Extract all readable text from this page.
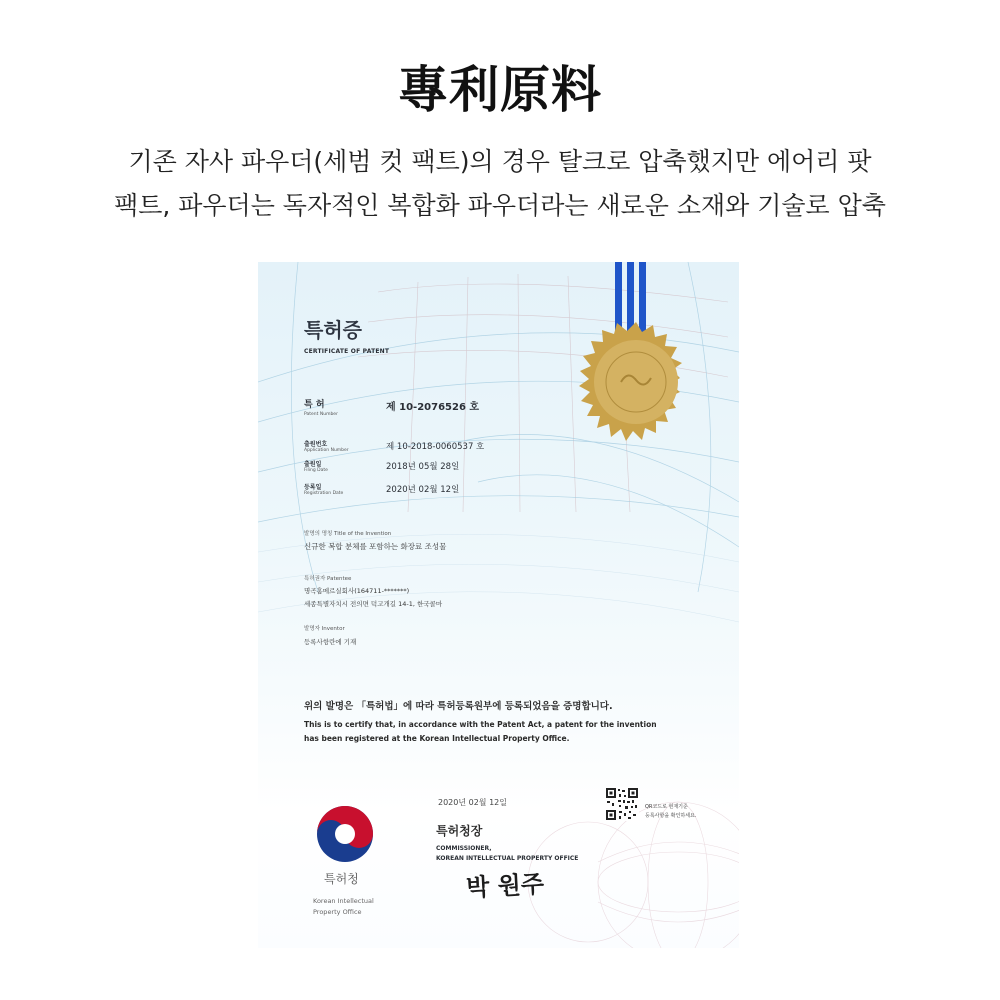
專利原料
기존 자사 파우더(세범 컷 팩트)의 경우 탈크로 압축했지만 에어리 팟
팩트, 파우더는 독자적인 복합화 파우더라는 새로운 소재와 기술로 압축
특허증
CERTIFICATE OF PATENT
특 허
Patent Number
제 10-2076526 호
출원번호
Application Number	제 10-2018-0060537 호
출원일
Filing Date	2018년 05월 28일
등록일
Registration Date	2020년 02월 12일
발명의 명칭 Title of the Invention
신규한 복합 분체를 포함하는 화장료 조성물
특허권자 Patentee
명곡홈메르실회사(164711-*******)
세종특별자치시 전의면 덕고개길 14-1, 한국콜마
발명자 Inventor
등록사항란에 기재
위의 발명은 「특허법」에 따라 특허등록원부에 등록되었음을 증명합니다.
This is to certify that, in accordance with the Patent Act, a patent for the invention
has been registered at the Korean Intellectual Property Office.
특허청
Korean Intellectual
Property Office
2020년 02월 12일
특허청장
COMMISSIONER,
KOREAN INTELLECTUAL PROPERTY OFFICE
박 원주
QR코드로 현재기준
등록사항을 확인하세요.
